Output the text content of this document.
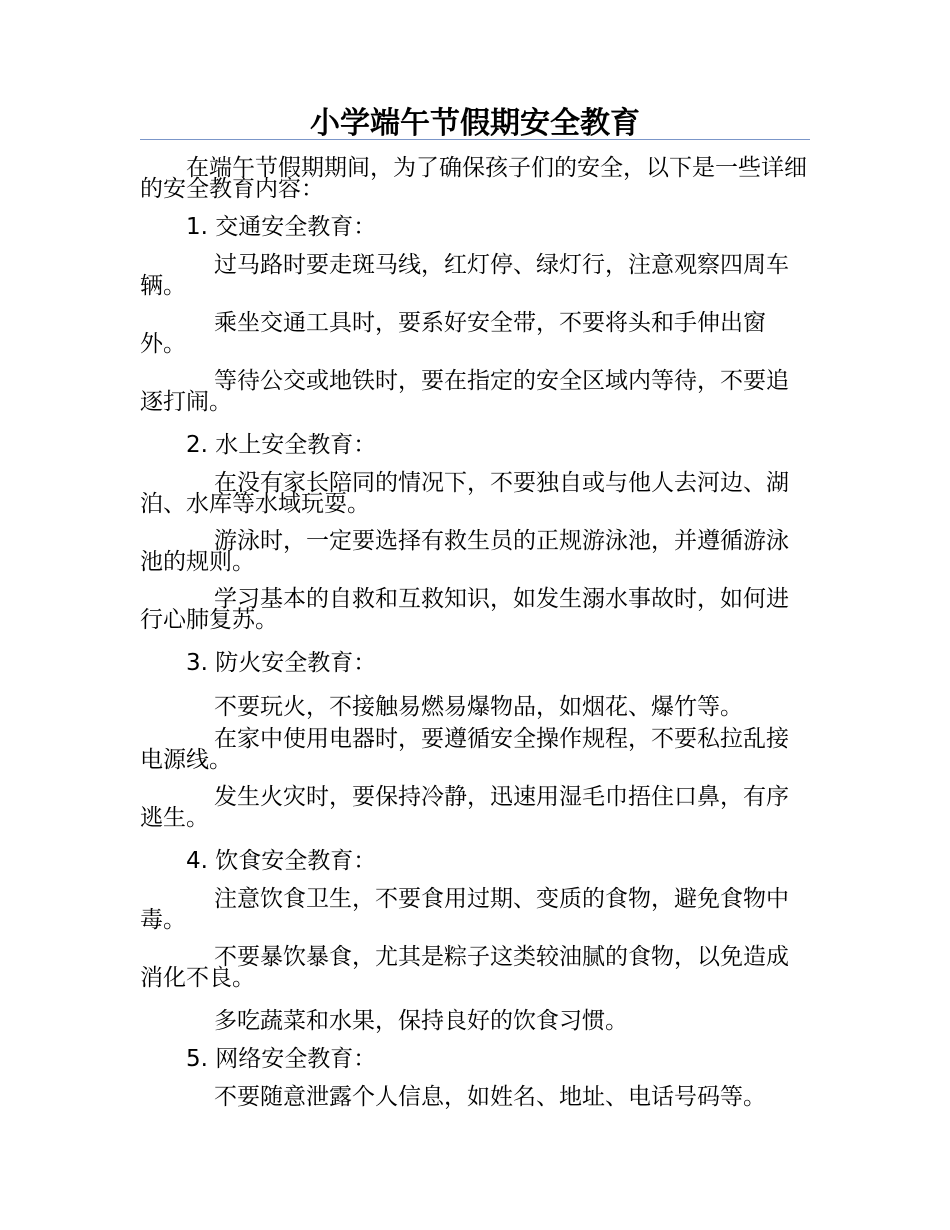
小学端午节假期安全教育

在端午节假期期间，为了确保孩子们的安全，以下是一些详细的安全教育内容：

1. 交通安全教育：

过马路时要走斑马线，红灯停、绿灯行，注意观察四周车辆。

乘坐交通工具时，要系好安全带，不要将头和手伸出窗外。

等待公交或地铁时，要在指定的安全区域内等待，不要追逐打闹。

2. 水上安全教育：

在没有家长陪同的情况下，不要独自或与他人去河边、湖泊、水库等水域玩耍。

游泳时，一定要选择有救生员的正规游泳池，并遵循游泳池的规则。

学习基本的自救和互救知识，如发生溺水事故时，如何进行心肺复苏。

3. 防火安全教育：

不要玩火，不接触易燃易爆物品，如烟花、爆竹等。

在家中使用电器时，要遵循安全操作规程，不要私拉乱接电源线。

发生火灾时，要保持冷静，迅速用湿毛巾捂住口鼻，有序逃生。

4. 饮食安全教育：

注意饮食卫生，不要食用过期、变质的食物，避免食物中毒。

不要暴饮暴食，尤其是粽子这类较油腻的食物，以免造成消化不良。

多吃蔬菜和水果，保持良好的饮食习惯。

5. 网络安全教育：

不要随意泄露个人信息，如姓名、地址、电话号码等。
